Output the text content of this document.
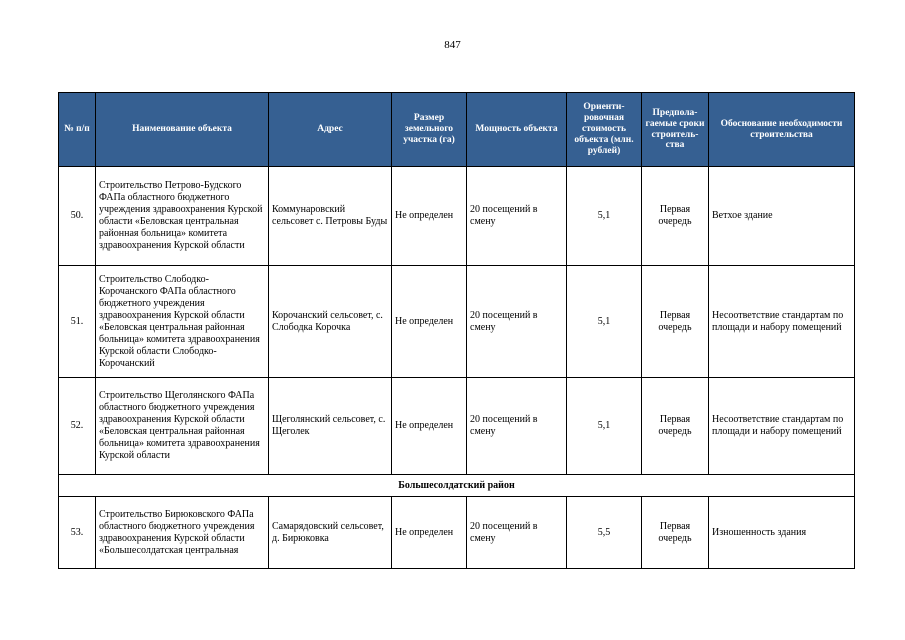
847
№ п/п	Наименование объекта	Адрес	Размер земельного участка (га)	Мощность объекта	Ориенти-ровочная стоимость объекта (млн. рублей)	Предпола-гаемые сроки строитель-ства	Обоснование необходимости строительства
50.	Строительство Петрово-Будского ФАПа областного бюджетного учреждения здравоохранения Курской области «Беловская центральная районная больница» комитета здравоохранения Курской области	Коммунаровский сельсовет с. Петровы Буды	Не определен	20 посещений в смену	5,1	Первая очередь	Ветхое здание
51.	Строительство Слободко-Корочанского ФАПа областного бюджетного учреждения здравоохранения Курской области «Беловская центральная районная больница» комитета здравоохранения Курской области Слободко-Корочанский	Корочанский сельсовет, с. Слободка Корочка	Не определен	20 посещений в смену	5,1	Первая очередь	Несоответствие стандартам по площади и набору помещений
52.	Строительство Щеголянского ФАПа областного бюджетного учреждения здравоохранения Курской области «Беловская центральная районная больница» комитета здравоохранения Курской области	Щеголянский сельсовет, с. Щеголек	Не определен	20 посещений в смену	5,1	Первая очередь	Несоответствие стандартам по площади и набору помещений
Большесолдатский район							
53.	Строительство Бирюковского ФАПа областного бюджетного учреждения здравоохранения Курской области «Большесолдатская центральная	Самарядовский сельсовет, д. Бирюковка	Не определен	20 посещений в смену	5,5	Первая очередь	Изношенность здания
